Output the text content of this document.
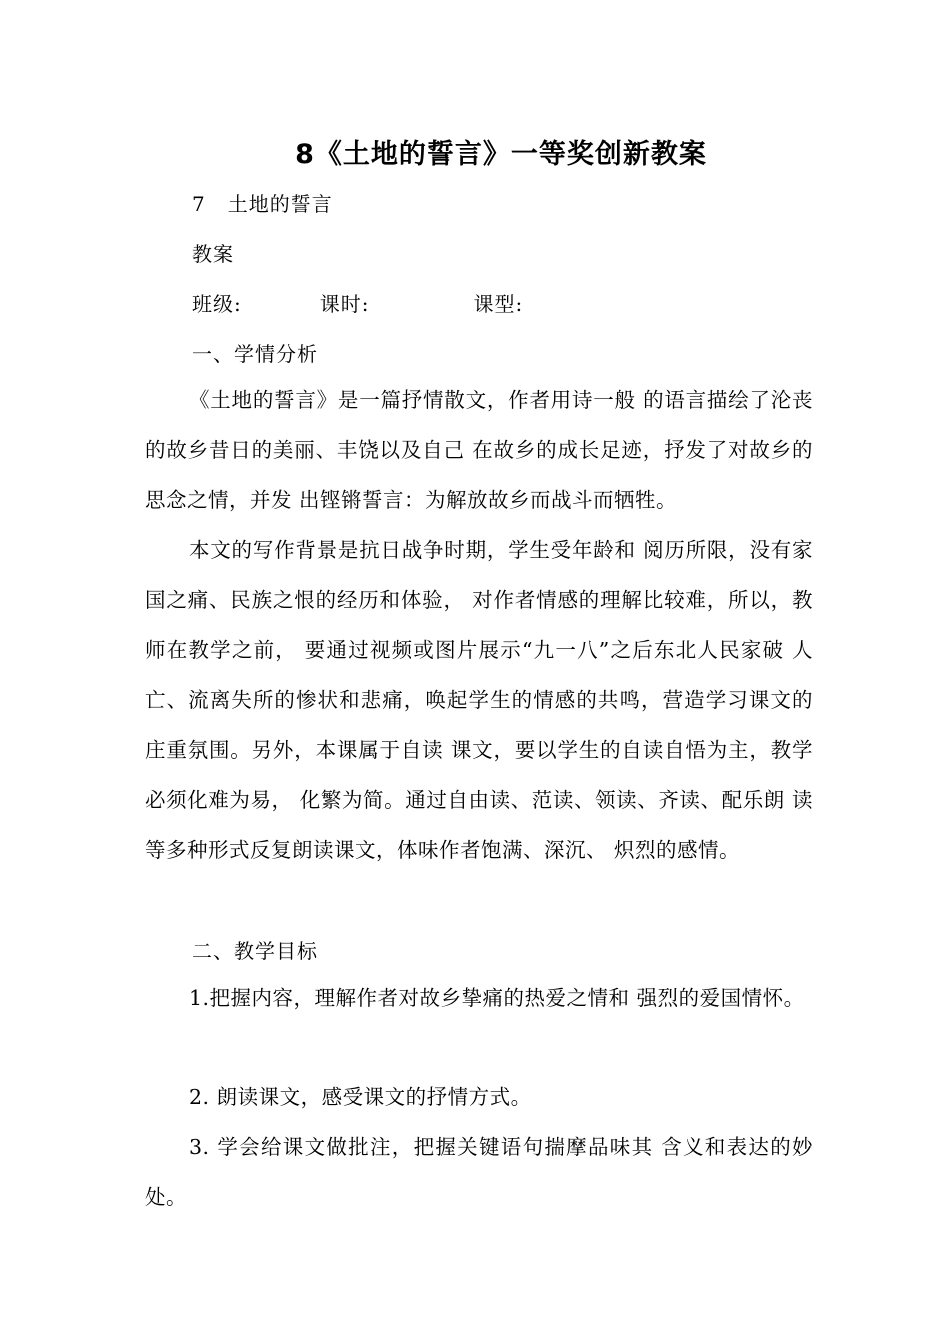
8《土地的誓言》一等奖创新教案
7 土地的誓言
教案
班级:	课时:	课型:
一、学情分析

《土地的誓言》是一篇抒情散文，作者用诗一般 的语言描绘了沦丧的故乡昔日的美丽、丰饶以及自己 在故乡的成长足迹，抒发了对故乡的思念之情，并发 出铿锵誓言：为解放故乡而战斗而牺牲。

本文的写作背景是抗日战争时期，学生受年龄和 阅历所限，没有家国之痛、民族之恨的经历和体验， 对作者情感的理解比较难，所以，教师在教学之前， 要通过视频或图片展示“九一八”之后东北人民家破 人亡、流离失所的惨状和悲痛，唤起学生的情感的共鸣，营造学习课文的庄重氛围。另外，本课属于自读 课文，要以学生的自读自悟为主，教学必须化难为易， 化繁为简。通过自由读、范读、领读、齐读、配乐朗 读等多种形式反复朗读课文，体味作者饱满、深沉、 炽烈的感情。

二、教学目标

1.把握内容，理解作者对故乡挚痛的热爱之情和 强烈的爱国情怀。

2. 朗读课文，感受课文的抒情方式。

3. 学会给课文做批注，把握关键语句揣摩品味其 含义和表达的妙处。
